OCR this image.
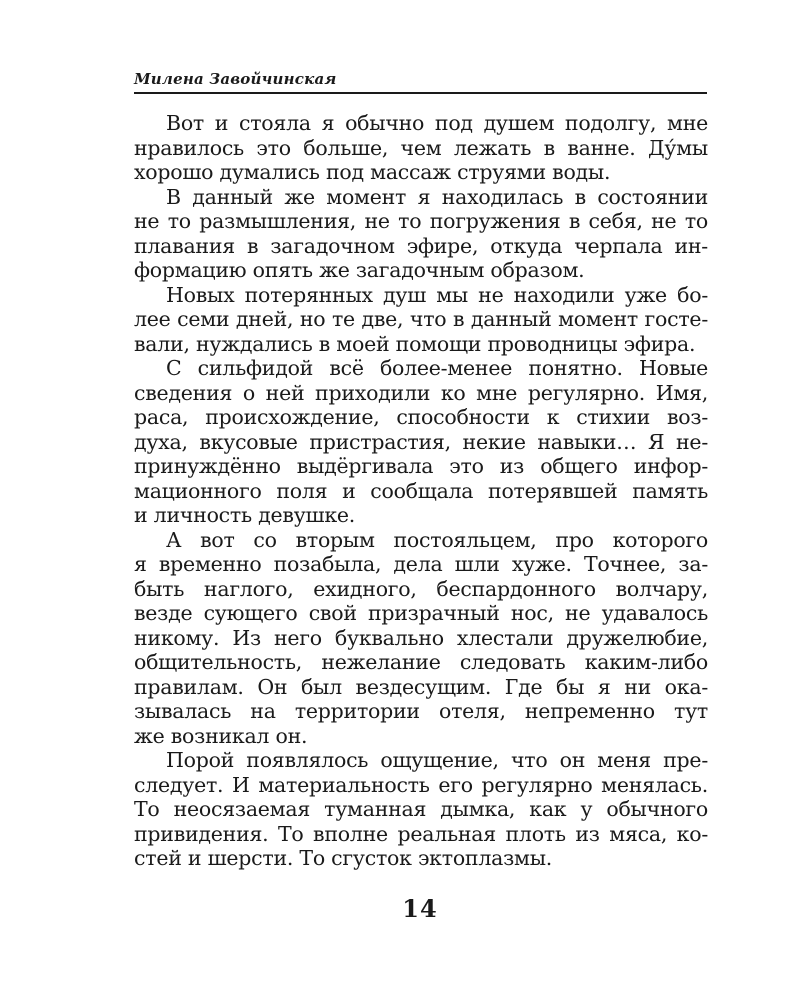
Милена Завойчинская
Вот и стояла я обычно под душем подолгу, мне
нравилось это больше, чем лежать в ванне. Ду́мы
хорошо думались под массаж струями воды.
В данный же момент я находилась в состоянии
не то размышления, не то погружения в себя, не то
плавания в загадочном эфире, откуда черпала ин-
формацию опять же загадочным образом.
Новых потерянных душ мы не находили уже бо-
лее семи дней, но те две, что в данный момент госте-
вали, нуждались в моей помощи проводницы эфира.
С сильфидой всё более-менее понятно. Новые
сведения о ней приходили ко мне регулярно. Имя,
раса, происхождение, способности к стихии воз-
духа, вкусовые пристрастия, некие навыки… Я не-
принуждённо выдёргивала это из общего инфор-
мационного поля и сообщала потерявшей память
и личность девушке.
А вот со вторым постояльцем, про которого
я временно позабыла, дела шли хуже. Точнее, за-
быть наглого, ехидного, беспардонного волчару,
везде сующего свой призрачный нос, не удавалось
никому. Из него буквально хлестали дружелюбие,
общительность, нежелание следовать каким-либо
правилам. Он был вездесущим. Где бы я ни ока-
зывалась на территории отеля, непременно тут
же возникал он.
Порой появлялось ощущение, что он меня пре-
следует. И материальность его регулярно менялась.
То неосязаемая туманная дымка, как у обычного
привидения. То вполне реальная плоть из мяса, ко-
стей и шерсти. То сгусток эктоплазмы.
14
